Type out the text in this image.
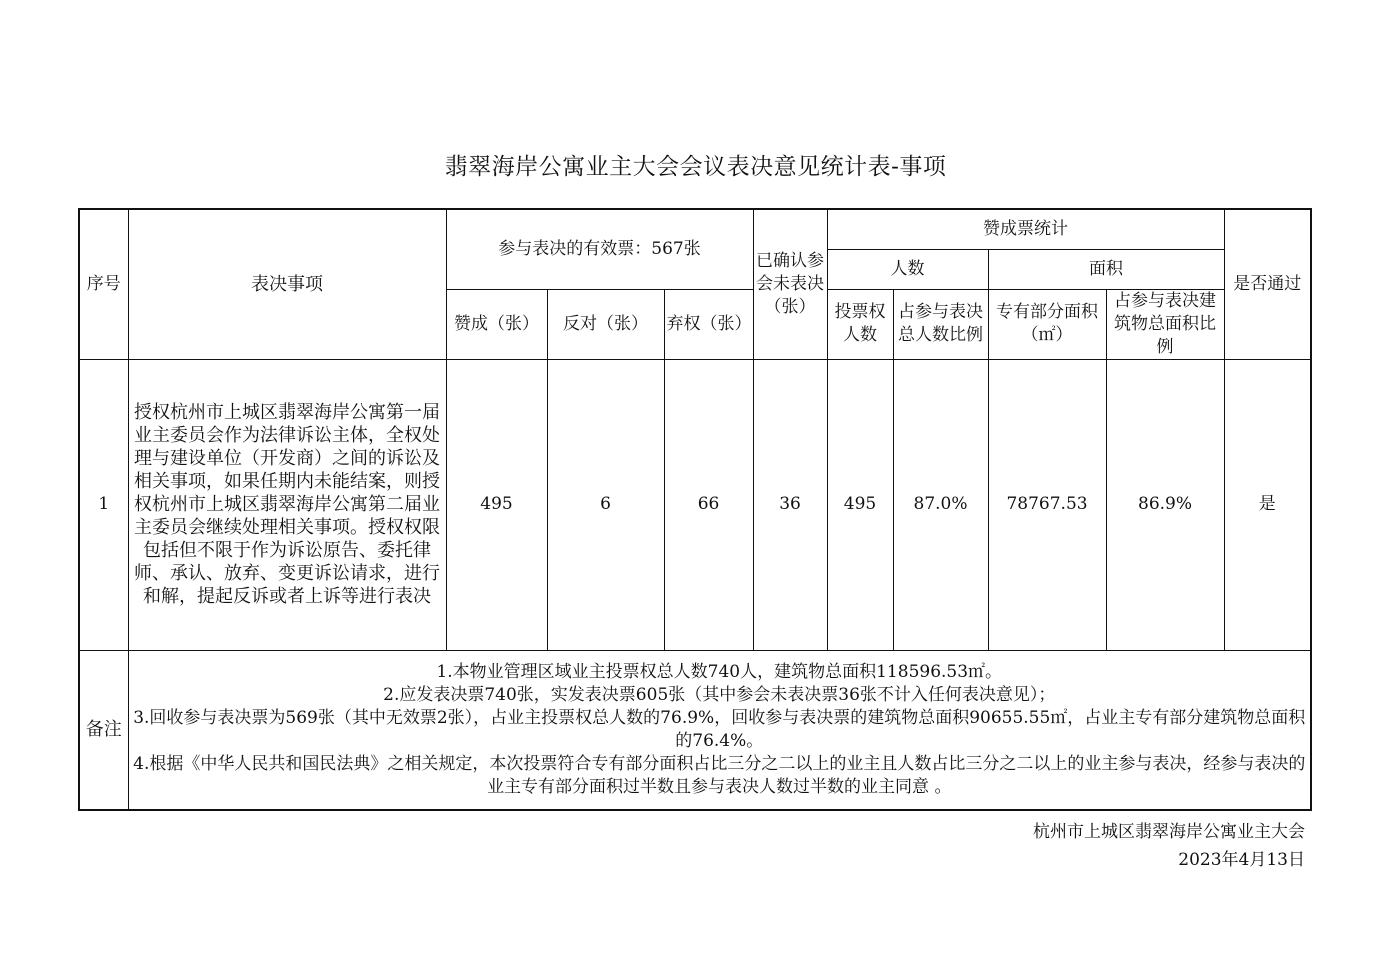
翡翠海岸公寓业主大会会议表决意见统计表-事项
序号	表决事项	参与表决的有效票：567张			已确认参会未表决（张）	赞成票统计				是否通过
						人数		面积		
		赞成（张）	反对（张）	弃权（张）		投票权人数	占参与表决总人数比例	专有部分面积（㎡）	占参与表决建筑物总面积比例	
1	授权杭州市上城区翡翠海岸公寓第一届业主委员会作为法律诉讼主体，全权处理与建设单位（开发商）之间的诉讼及相关事项，如果任期内未能结案，则授权杭州市上城区翡翠海岸公寓第二届业主委员会继续处理相关事项。授权权限包括但不限于作为诉讼原告、委托律师、承认、放弃、变更诉讼请求，进行和解，提起反诉或者上诉等进行表决	495	6	66	36	495	87.0%	78767.53	86.9%	是
备注	1.本物业管理区域业主投票权总人数740人，建筑物总面积118596.53㎡。
2.应发表决票740张，实发表决票605张（其中参会未表决票36张不计入任何表决意见）；
3.回收参与表决票为569张（其中无效票2张），占业主投票权总人数的76.9%，回收参与表决票的建筑物总面积90655.55㎡，占业主专有部分建筑物总面积的76.4%。
4.根据《中华人民共和国民法典》之相关规定，本次投票符合专有部分面积占比三分之二以上的业主且人数占比三分之二以上的业主参与表决，经参与表决的业主专有部分面积过半数且参与表决人数过半数的业主同意 。									
杭州市上城区翡翠海岸公寓业主大会
2023年4月13日
